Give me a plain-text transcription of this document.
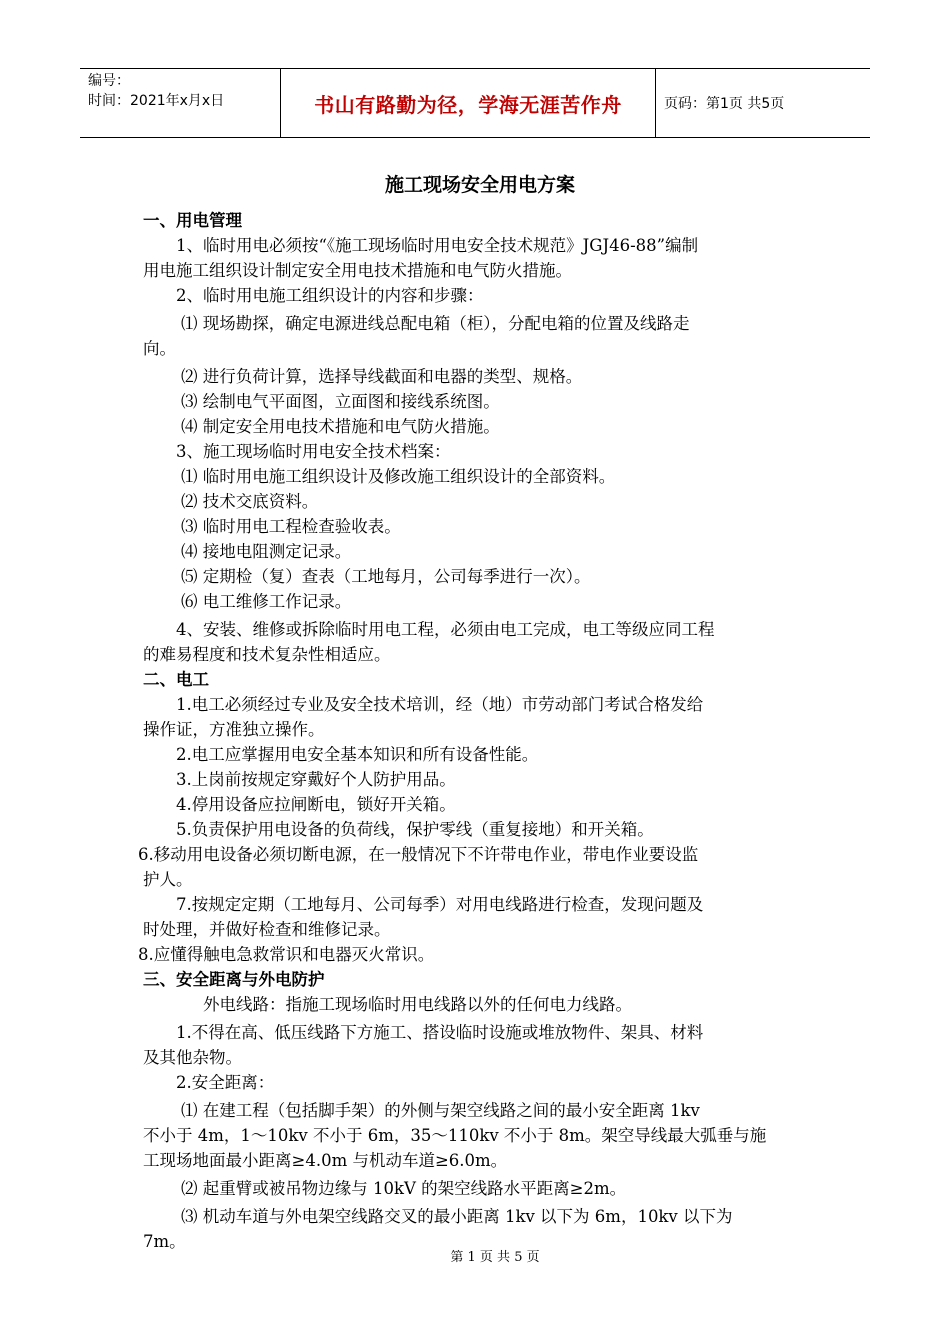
编号：
时间：2021年x月x日	书山有路勤为径，学海无涯苦作舟	页码：第1页 共5页
施工现场安全用电方案
一、用电管理
1、临时用电必须按“《施工现场临时用电安全技术规范》JGJ46-88”编制
用电施工组织设计制定安全用电技术措施和电气防火措施。
2、临时用电施工组织设计的内容和步骤：
⑴ 现场勘探，确定电源进线总配电箱（柜），分配电箱的位置及线路走
向。
⑵ 进行负荷计算，选择导线截面和电器的类型、规格。
⑶ 绘制电气平面图，立面图和接线系统图。
⑷ 制定安全用电技术措施和电气防火措施。
3、施工现场临时用电安全技术档案：
⑴ 临时用电施工组织设计及修改施工组织设计的全部资料。
⑵ 技术交底资料。
⑶ 临时用电工程检查验收表。
⑷ 接地电阻测定记录。
⑸ 定期检（复）查表（工地每月，公司每季进行一次）。
⑹ 电工维修工作记录。
4、安装、维修或拆除临时用电工程，必须由电工完成，电工等级应同工程
的难易程度和技术复杂性相适应。
二、电工
1.电工必须经过专业及安全技术培训，经（地）市劳动部门考试合格发给
操作证，方准独立操作。
2.电工应掌握用电安全基本知识和所有设备性能。
3.上岗前按规定穿戴好个人防护用品。
4.停用设备应拉闸断电，锁好开关箱。
5.负责保护用电设备的负荷线，保护零线（重复接地）和开关箱。
6.移动用电设备必须切断电源，在一般情况下不许带电作业，带电作业要设监
护人。
7.按规定定期（工地每月、公司每季）对用电线路进行检查，发现问题及
时处理，并做好检查和维修记录。
8.应懂得触电急救常识和电器灭火常识。
三、安全距离与外电防护
外电线路：指施工现场临时用电线路以外的任何电力线路。
1.不得在高、低压线路下方施工、搭设临时设施或堆放物件、架具、材料
及其他杂物。
2.安全距离：
⑴ 在建工程（包括脚手架）的外侧与架空线路之间的最小安全距离 1kv
不小于 4m，1～10kv 不小于 6m，35～110kv 不小于 8m。架空导线最大弧垂与施
工现场地面最小距离≥4.0m 与机动车道≥6.0m。
⑵ 起重臂或被吊物边缘与 10kV 的架空线路水平距离≥2m。
⑶ 机动车道与外电架空线路交叉的最小距离 1kv 以下为 6m，10kv 以下为
7m。
第 1 页 共 5 页
